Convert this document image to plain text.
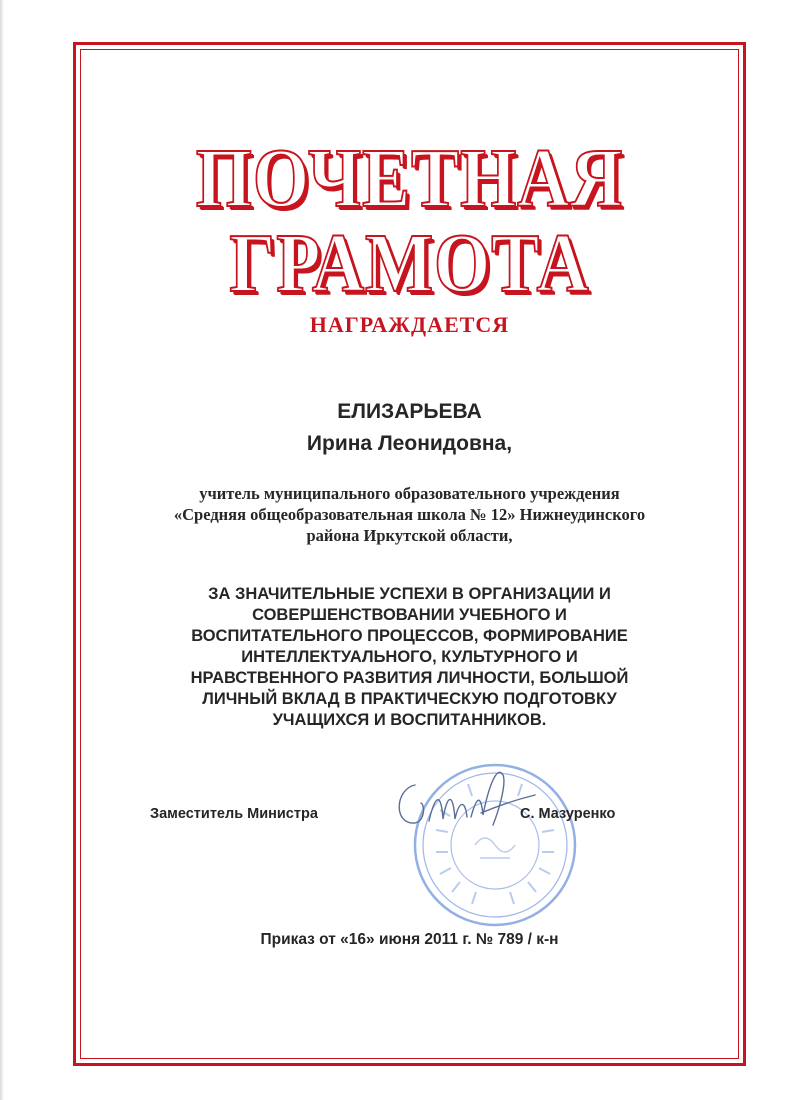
ПОЧЕТНАЯ
ГРАМОТА
НАГРАЖДАЕТСЯ
ЕЛИЗАРЬЕВА
Ирина Леонидовна,
учитель муниципального образовательного учреждения
«Средняя общеобразовательная школа № 12» Нижнеудинского
района Иркутской области,
ЗА ЗНАЧИТЕЛЬНЫЕ УСПЕХИ В ОРГАНИЗАЦИИ И
СОВЕРШЕНСТВОВАНИИ УЧЕБНОГО И
ВОСПИТАТЕЛЬНОГО ПРОЦЕССОВ, ФОРМИРОВАНИЕ
ИНТЕЛЛЕКТУАЛЬНОГО, КУЛЬТУРНОГО И
НРАВСТВЕННОГО РАЗВИТИЯ ЛИЧНОСТИ, БОЛЬШОЙ
ЛИЧНЫЙ ВКЛАД В ПРАКТИЧЕСКУЮ ПОДГОТОВКУ
УЧАЩИХСЯ И ВОСПИТАННИКОВ.
Заместитель Министра	С. Мазуренко
Приказ от «16» июня 2011 г. № 789 / к-н
